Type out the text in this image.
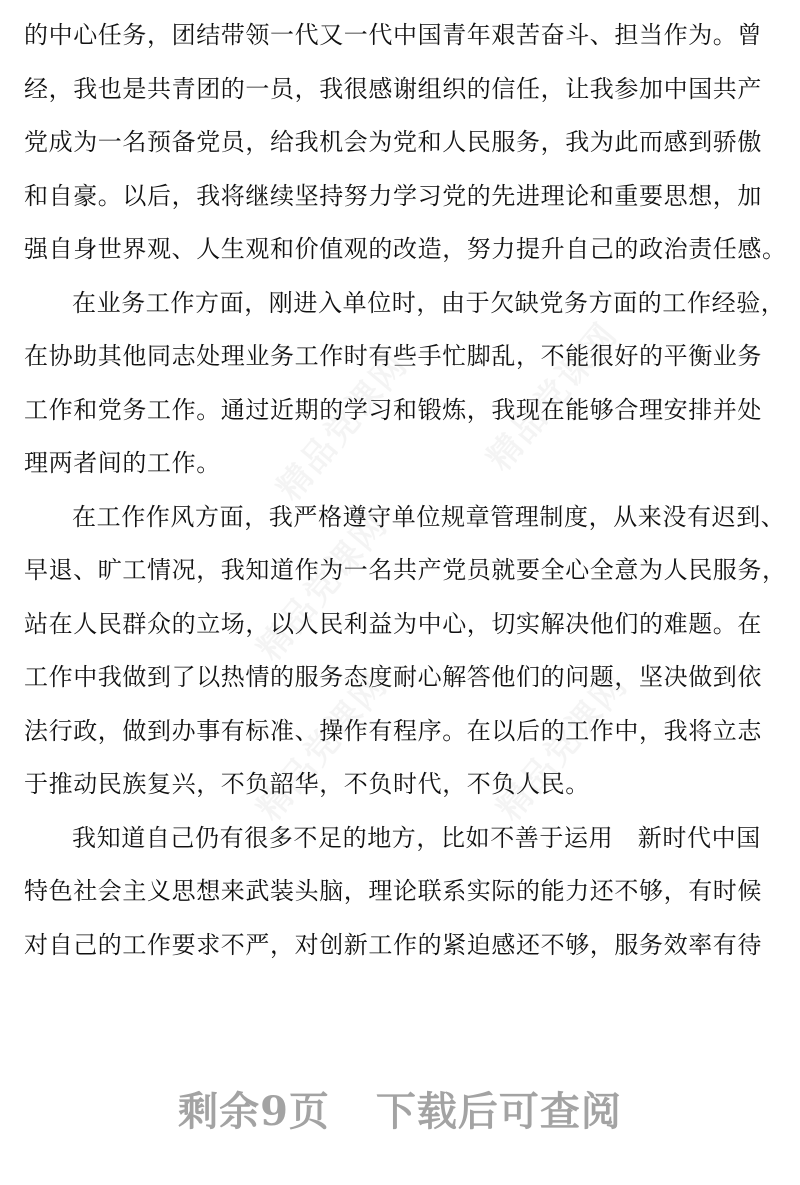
的中心任务，团结带领一代又一代中国青年艰苦奋斗、担当作为。曾
经，我也是共青团的一员，我很感谢组织的信任，让我参加中国共产
党成为一名预备党员，给我机会为党和人民服务，我为此而感到骄傲
和自豪。以后，我将继续坚持努力学习党的先进理论和重要思想，加
强自身世界观、人生观和价值观的改造，努力提升自己的政治责任感。
在业务工作方面，刚进入单位时，由于欠缺党务方面的工作经验，
在协助其他同志处理业务工作时有些手忙脚乱，不能很好的平衡业务
工作和党务工作。通过近期的学习和锻炼，我现在能够合理安排并处
理两者间的工作。
在工作作风方面，我严格遵守单位规章管理制度，从来没有迟到、
早退、旷工情况，我知道作为一名共产党员就要全心全意为人民服务，
站在人民群众的立场，以人民利益为中心，切实解决他们的难题。在
工作中我做到了以热情的服务态度耐心解答他们的问题，坚决做到依
法行政，做到办事有标准、操作有程序。在以后的工作中，我将立志
于推动民族复兴，不负韶华，不负时代，不负人民。
我知道自己仍有很多不足的地方，比如不善于运用　新时代中国
特色社会主义思想来武装头脑，理论联系实际的能力还不够，有时候
对自己的工作要求不严，对创新工作的紧迫感还不够，服务效率有待
剩余9页 下载后可查阅
